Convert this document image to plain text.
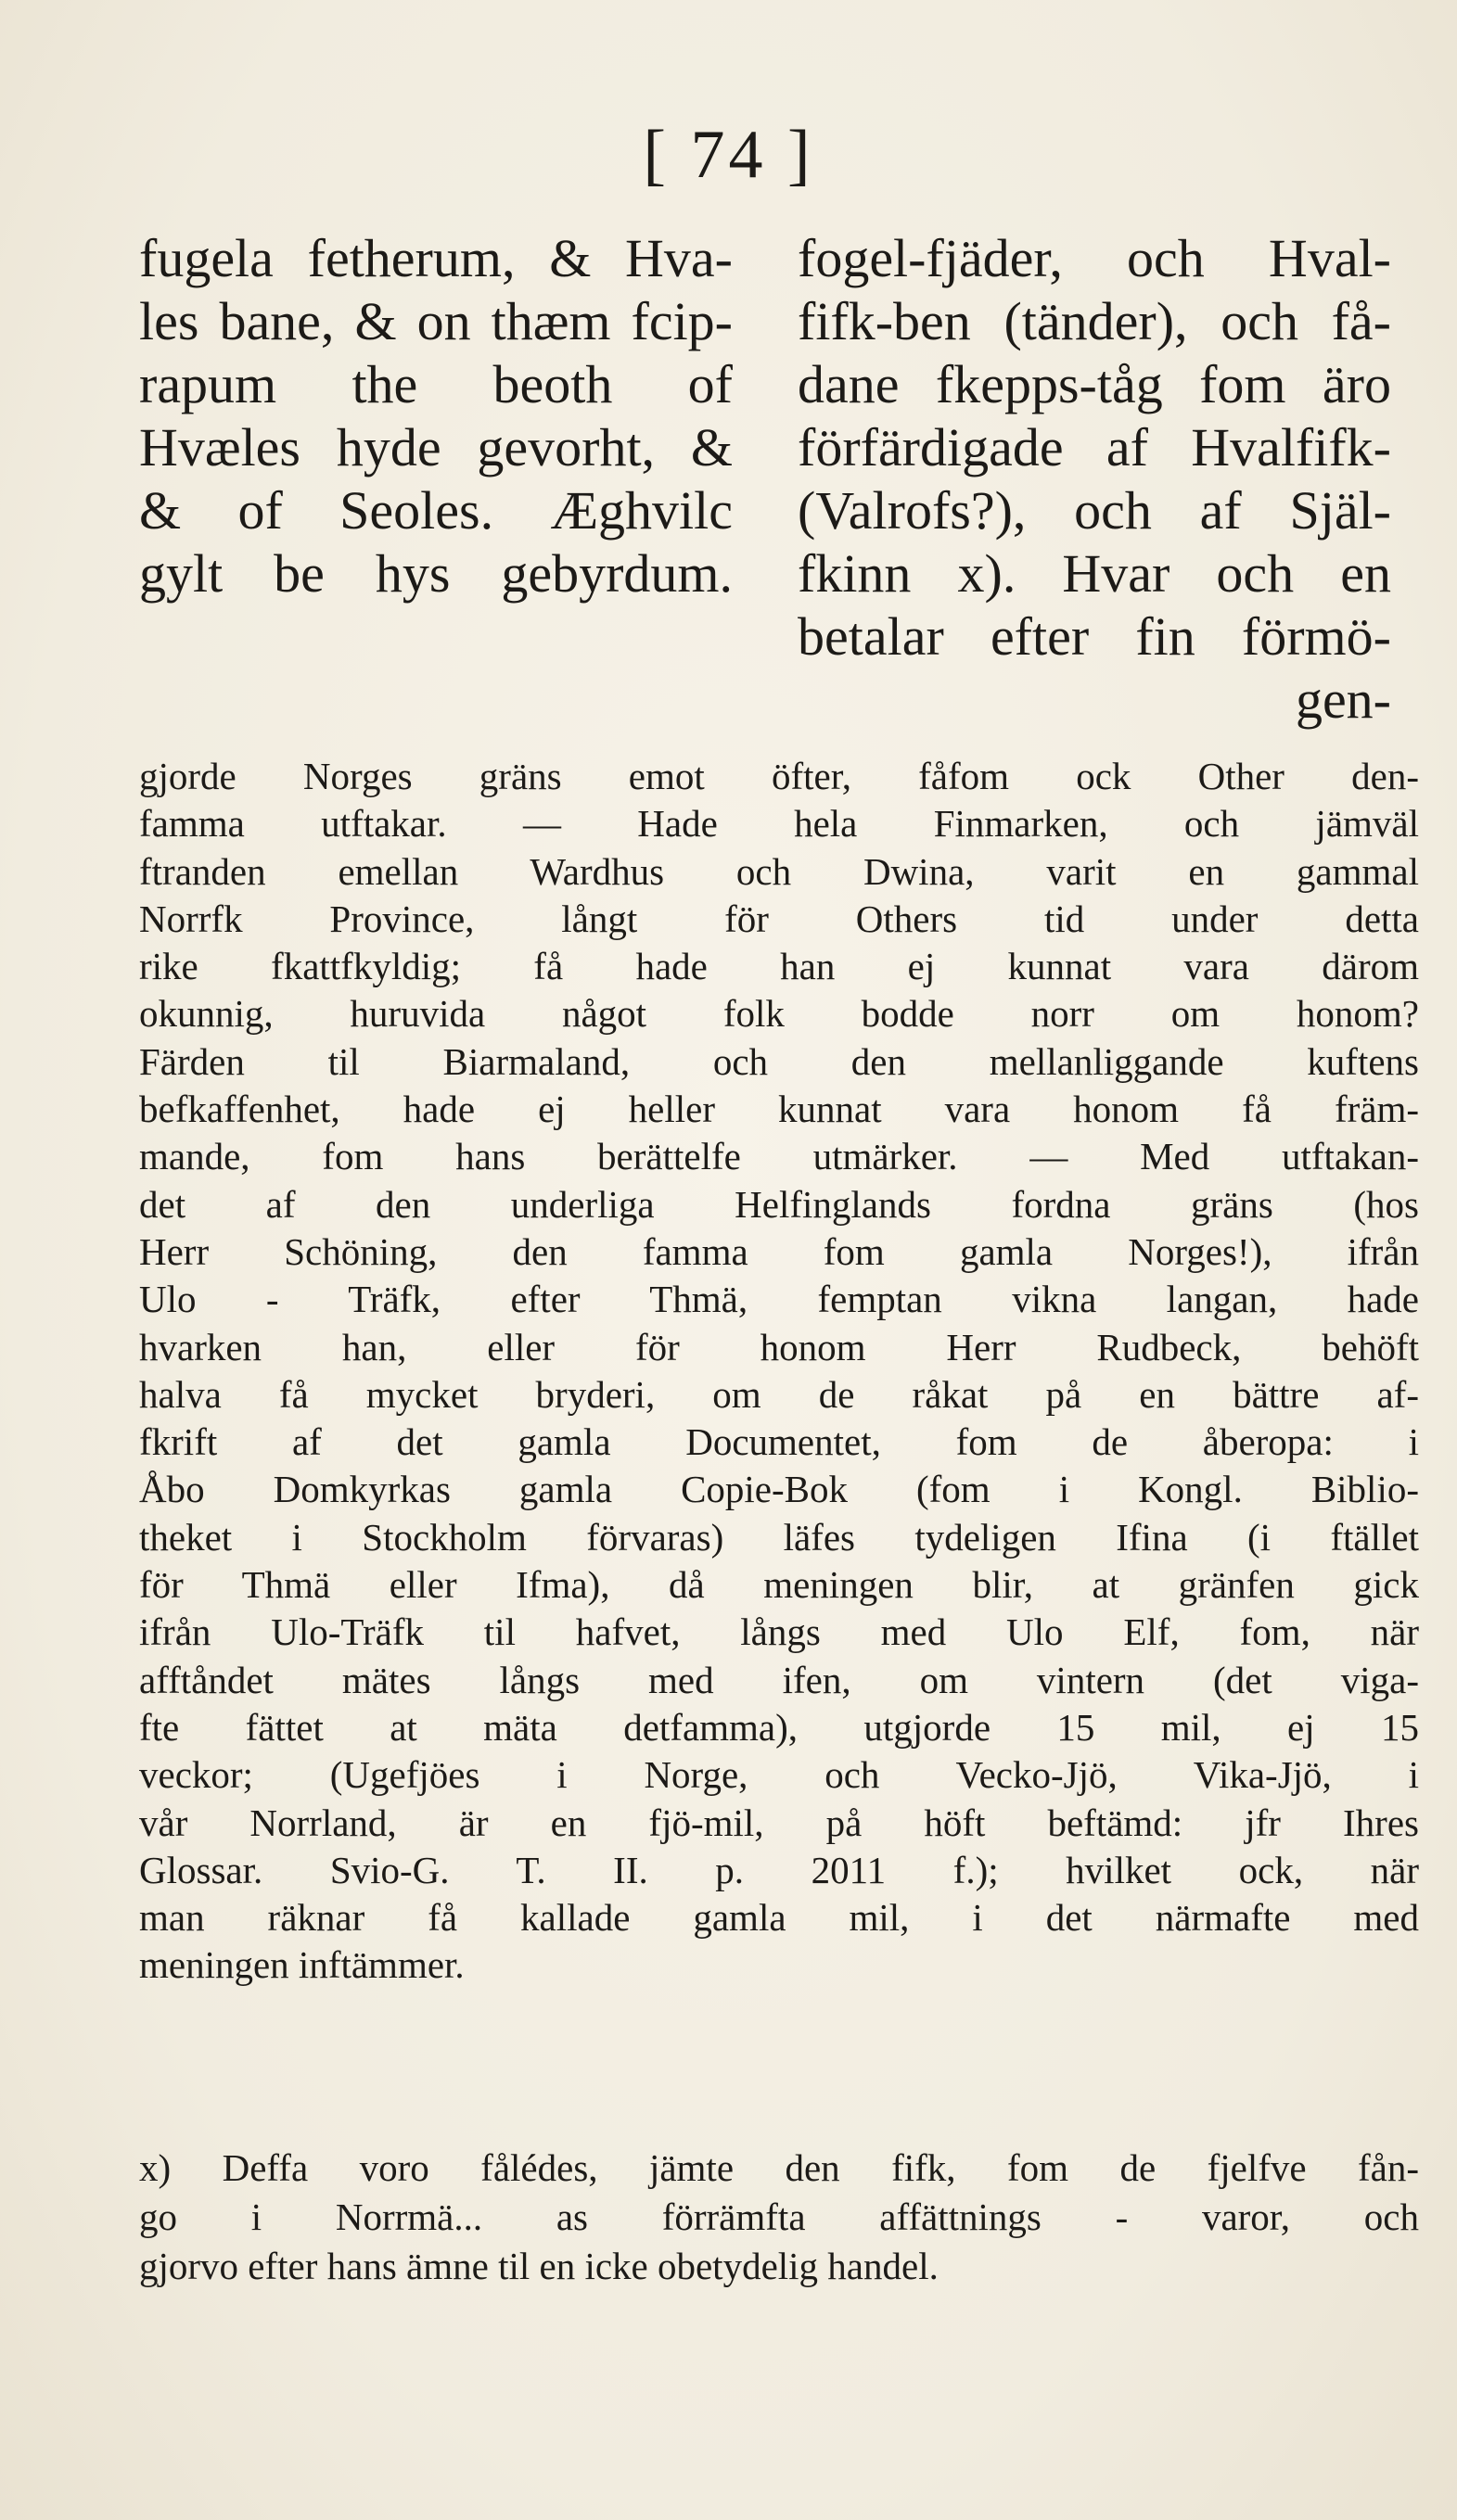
[ 74 ]
fugela fetherum, & Hva-
les bane, & on thæm fcip-
rapum the beoth of
Hvæles hyde gevorht, &
& of Seoles. Æghvilc
gylt be hys gebyrdum.
fogel-fjäder, och Hval-
fifk-ben (tänder), och få-
dane fkepps-tåg fom äro
förfärdigade af Hvalfifk-
(Valrofs?), och af Själ-
fkinn x). Hvar och en
betalar efter fin förmö-
gen-
gjorde Norges gräns emot öfter, fåfom ock Other den-
famma utftakar. — Hade hela Finmarken, och jämväl
ftranden emellan Wardhus och Dwina, varit en gammal
Norrfk Province, långt för Others tid under detta
rike fkattfkyldig; få hade han ej kunnat vara därom
okunnig, huruvida något folk bodde norr om honom?
Färden til Biarmaland, och den mellanliggande kuftens
befkaffenhet, hade ej heller kunnat vara honom få främ-
mande, fom hans berättelfe utmärker. — Med utftakan-
det af den underliga Helfinglands fordna gräns (hos
Herr Schöning, den famma fom gamla Norges!), ifrån
Ulo - Träfk, efter Thmä, femptan vikna langan, hade
hvarken han, eller för honom Herr Rudbeck, behöft
halva få mycket bryderi, om de råkat på en bättre af-
fkrift af det gamla Documentet, fom de åberopa: i
Åbo Domkyrkas gamla Copie-Bok (fom i Kongl. Biblio-
theket i Stockholm förvaras) läfes tydeligen Ifina (i ftället
för Thmä eller Ifma), då meningen blir, at gränfen gick
ifrån Ulo-Träfk til hafvet, långs med Ulo Elf, fom, när
afftåndet mätes långs med ifen, om vintern (det viga-
fte fättet at mäta detfamma), utgjorde 15 mil, ej 15
veckor; (Ugefjöes i Norge, och Vecko-Jjö, Vika-Jjö, i
vår Norrland, är en fjö-mil, på höft beftämd: jfr Ihres
Glossar. Svio-G. T. II. p. 2011 f.); hvilket ock, när
man räknar få kallade gamla mil, i det närmafte med
meningen inftämmer.
x) Deffa voro fålédes, jämte den fifk, fom de fjelfve fån-
go i Norrmä... as förrämfta affättnings - varor, och
gjorvo efter hans ämne til en icke obetydelig handel.
